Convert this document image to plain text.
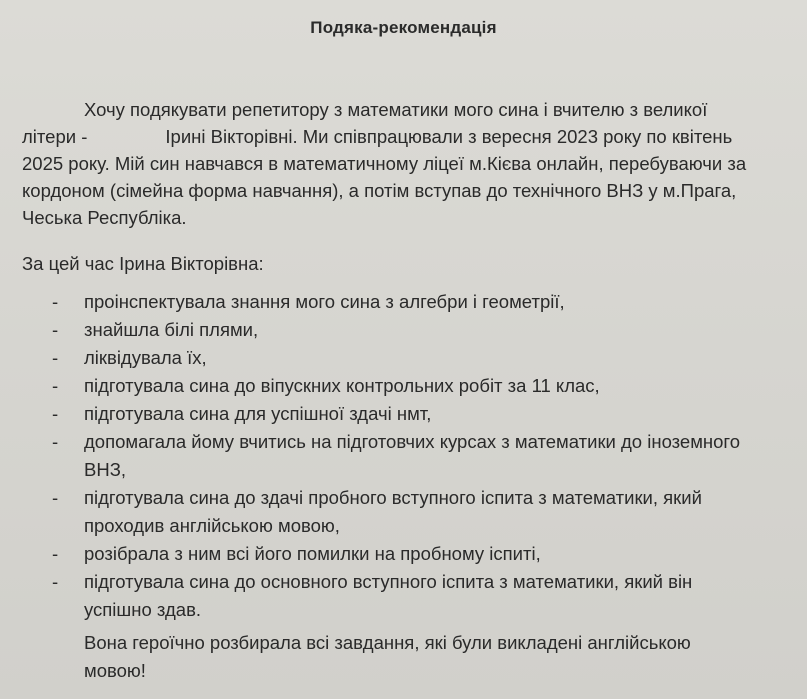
Подяка-рекомендація
Хочу подякувати репетитору з математики мого сина і вчителю з великої
літери -	Ірині Вікторівні. Ми співпрацювали з вересня 2023 року по квітень
2025 року. Мій син навчався в математичному ліцеї м.Кієва онлайн, перебуваючи за
кордоном (сімейна форма навчання), а потім вступав до технічного ВНЗ у м.Прага,
Чеська Республіка.
За цей час Ірина Вікторівна:
- проінспектувала знання мого сина з алгебри і геометрії,
- знайшла білі плями,
- ліквідувала їх,
- підготувала сина до віпускних контрольних робіт за 11 клас,
- підготувала сина для успішної здачі нмт,
- допомагала йому вчитись на підготовчих курсах з математики до іноземного
ВНЗ,
- підготувала сина до здачі пробного вступного іспита з математики, який
проходив англійською мовою,
- розібрала з ним всі його помилки на пробному іспиті,
- підготувала сина до основного вступного іспита з математики, який він
успішно здав.
Вона героїчно розбирала всі завдання, які були викладені англійською
мовою!
